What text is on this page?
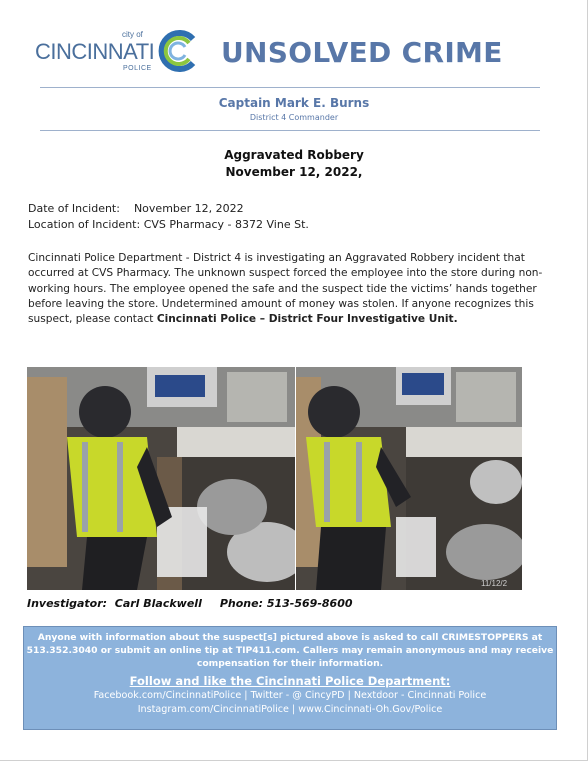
city of
CINCINNATI
POLICE UNSOLVED CRIME
Captain Mark E. Burns
District 4 Commander
Aggravated Robbery
November 12, 2022,
Date of Incident: November 12, 2022
Location of Incident: CVS Pharmacy - 8372 Vine St.
Cincinnati Police Department - District 4 is investigating an Aggravated Robbery incident that occurred at CVS Pharmacy. The unknown suspect forced the employee into the store during non-working hours. The employee opened the safe and the suspect tide the victims’ hands together before leaving the store. Undetermined amount of money was stolen. If anyone recognizes this suspect, please contact Cincinnati Police – District Four Investigative Unit.
11/12/2
Investigator: Carl Blackwell Phone: 513-569-8600
Anyone with information about the suspect[s] pictured above is asked to call CRIMESTOPPERS at
513.352.3040 or submit an online tip at TIP411.com. Callers may remain anonymous and may receive
compensation for their information.
Follow and like the Cincinnati Police Department:
Facebook.com/CincinnatiPolice | Twitter - @ CincyPD | Nextdoor - Cincinnati Police
Instagram.com/CincinnatiPolice | www.Cincinnati-Oh.Gov/Police
